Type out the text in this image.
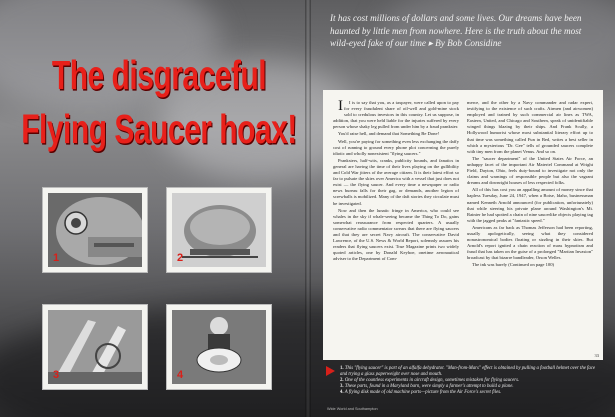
The disgraceful
Flying Saucer hoax!
1	2
3	4
It has cost millions of dollars and some lives. Our dreams have been haunted by little men from nowhere. Here is the truth about the most wild-eyed fake of our time ▸ By Bob Considine

I I is to say that you, as a taxpayer, were called upon to pay for every fraudulent share of oil-well and gold-mine stock sold to credulous investors in this country. Let us suppose, in addition, that you were held liable for the injuries suffered by every person whose shaky leg pulled from under him by a fraud prankster.

You'd raise hell, and demand that Something Be Done!

Well, you're paying for something even less exchanging the daffy cost of running to ground every phone plot concerning the purely idiotic and wholly nonexistent "flying saucers."

Pranksters, half-wits, cranks, publicity hounds, and fanatics in general are having the time of their lives playing on the gullibility and Cold War jitters of the average citizen. It is their latest effort so far to pulsate the skies over America with a vessel that just does not exist — the flying saucer. And every time a newspaper or radio news bureau falls for their gag, or demands, another legion of screwballs is mobilized. Many of the daft stories they circulate must be investigated.

Now and then the lunatic fringe in America, who could see whales in the sky if whale-seeing became the Thing To Do, gains somewhat reassurance from respected quarters. A usually conservative radio commentator swears that there are flying saucers and that they are secret Navy aircraft. The conservative David Lawrence, of the U.S. News & World Report, solemnly assures his readers that flying saucers exist. True Magazine prints two widely quoted articles, one by Donald Keyhoe, onetime aeronautical adviser to the Department of Com-

merce, and the other by a Navy commander and radar expert, testifying to the existence of such crafts. Airmen (and airwomen) employed and trained by such commercial air lines as TWA, Eastern, United, and Chicago and Southern, speak of unidentifiable winged things blazing by their ships. And Frank Scully, a Hollywood humorist whose most substantial literary effort up to that time was something called Fun in Bed, writes a best seller in which a mysterious "Dr. Gee" tells of grounded saucers complete with tiny men from the planet Venus. And so on.

The "saucer department" of the United States Air Force, an unhappy facet of the important Air Materiel Command at Wright Field, Dayton, Ohio, feels duty-bound to investigate not only the claims and warnings of responsible people but also the vagrant dreams and downright hoaxes of less respected folks.

All of this has cost you an appalling amount of money since that hapless Tuesday, June 24, 1947, when a Boise, Idaho, businessman named Kenneth Arnold announced (for publication, unfortunately) that while steering his private plane around Washington's Mt. Rainier he had spotted a chain of nine saucerlike objects playing tag with the jagged peaks at "fantastic speed."

Americans as far back as Thomas Jefferson had been reporting, usually apologetically, seeing what they considered nonastronomical bodies floating or sizzling in their skies. But Arnold's report ignited a chain reaction of mass hypnotism and fraud that has taken on the guise of a prolonged "Martian Invasion" broadcast by that bizarre bandleader, Orson Welles.

The ink was barely (Continued on page 100)

33

1. This "flying saucer" is part of an alfalfa dehydrator. "Man-from-Mars" effect is obtained by pulling a football helmet over the face and trying a glass paperweight over nose and mouth.

2. One of the countless experiments in aircraft design, sometimes mistaken for flying saucers.

3. These parts, found in a Maryland barn, were simply a farmer's attempt to build a plane.

4. A flying disk made of old machine parts—picture from the Air Force's secret files.

Wide World and Southampton
